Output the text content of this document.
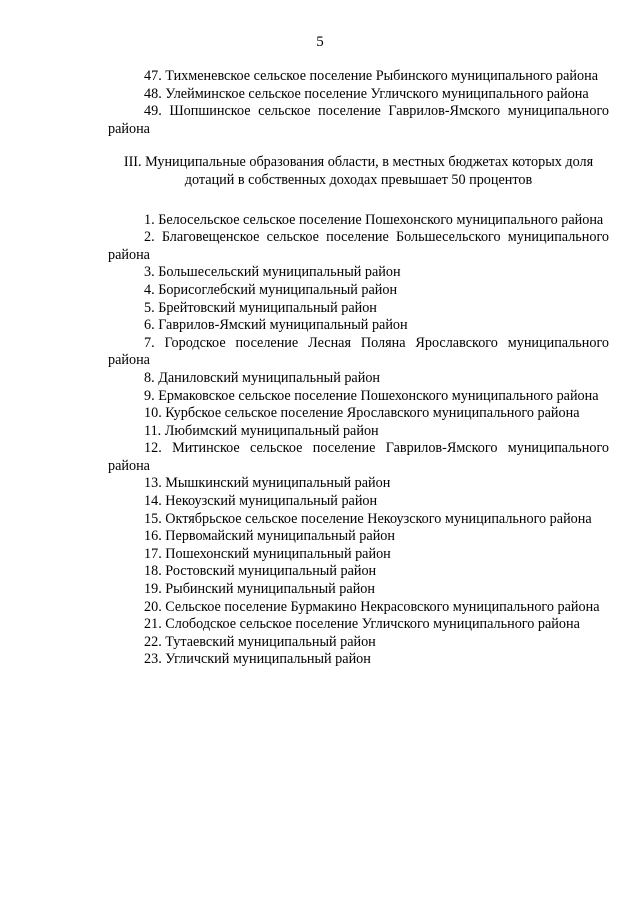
5

47. Тихменевское сельское поселение Рыбинского муниципального района

48. Улейминское сельское поселение Угличского муниципального района

49. Шопшинское сельское поселение Гаврилов-Ямского муниципального района

III. Муниципальные образования области, в местных бюджетах которых доля дотаций в собственных доходах превышает 50 процентов

1. Белосельское сельское поселение Пошехонского муниципального района

2. Благовещенское сельское поселение Большесельского муниципального района

3. Большесельский муниципальный район

4. Борисоглебский муниципальный район

5. Брейтовский муниципальный район

6. Гаврилов-Ямский муниципальный район

7. Городское поселение Лесная Поляна Ярославского муниципального района

8. Даниловский муниципальный район

9. Ермаковское сельское поселение Пошехонского муниципального района

10. Курбское сельское поселение Ярославского муниципального района

11. Любимский муниципальный район

12. Митинское сельское поселение Гаврилов-Ямского муниципального района

13. Мышкинский муниципальный район

14. Некоузский муниципальный район

15. Октябрьское сельское поселение Некоузского муниципального района

16. Первомайский муниципальный район

17. Пошехонский муниципальный район

18. Ростовский муниципальный район

19. Рыбинский муниципальный район

20. Сельское поселение Бурмакино Некрасовского муниципального района

21. Слободское сельское поселение Угличского муниципального района

22. Тутаевский муниципальный район

23. Угличский муниципальный район
